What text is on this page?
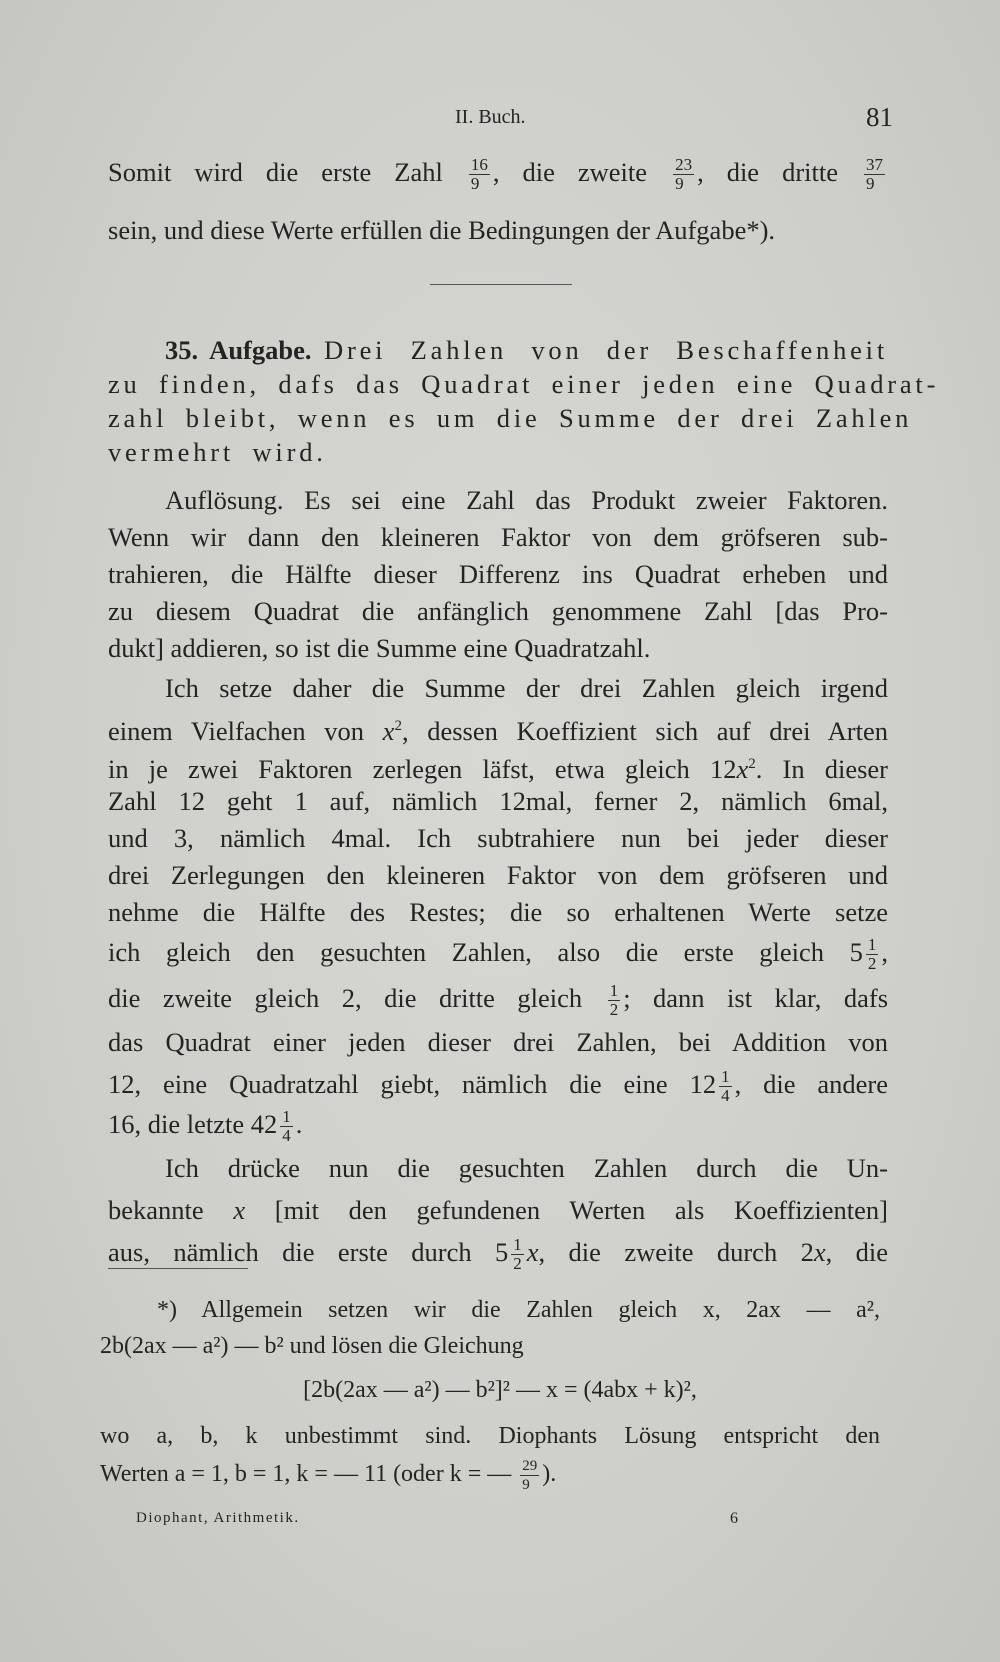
II. Buch.	81
Somit wird die erste Zahl $\frac{16}{9}$ , die zweite $\frac{23}{9}$ , die dritte $\frac{37}{9}$
sein, und diese Werte erfüllen die Bedingungen der Aufgabe*).
35. Aufgabe. Drei Zahlen von der Beschaffenheit
zu finden, dafs das Quadrat einer jeden eine Quadrat-
zahl bleibt, wenn es um die Summe der drei Zahlen
vermehrt wird.
Auflösung. Es sei eine Zahl das Produkt zweier Faktoren.
Wenn wir dann den kleineren Faktor von dem gröfseren sub-
trahieren, die Hälfte dieser Differenz ins Quadrat erheben und
zu diesem Quadrat die anfänglich genommene Zahl [das Pro-
dukt] addieren, so ist die Summe eine Quadratzahl.
Ich setze daher die Summe der drei Zahlen gleich irgend
einem Vielfachen von $x^2$, dessen Koeffizient sich auf drei Arten
in je zwei Faktoren zerlegen läfst, etwa gleich $12x^2$. In dieser
Zahl 12 geht 1 auf, nämlich 12mal, ferner 2, nämlich 6mal,
und 3, nämlich 4mal. Ich subtrahiere nun bei jeder dieser
drei Zerlegungen den kleineren Faktor von dem gröfseren und
nehme die Hälfte des Restes; die so erhaltenen Werte setze
ich gleich den gesuchten Zahlen, also die erste gleich $5 \frac{1}{2}$ ,
die zweite gleich 2, die dritte gleich $\frac{1}{2}$ ; dann ist klar, dafs
das Quadrat einer jeden dieser drei Zahlen, bei Addition von
12, eine Quadratzahl giebt, nämlich die eine $12 \frac{1}{4}$ , die andere
16, die letzte $42 \frac{1}{4}$ .
Ich drücke nun die gesuchten Zahlen durch die Un-
bekannte x [mit den gefundenen Werten als Koeffizienten]
aus, nämlich die erste durch $5 \frac{1}{2} x$, die zweite durch 2x, die
*) Allgemein setzen wir die Zahlen gleich x, 2ax — a²,
2b(2ax — a²) — b² und lösen die Gleichung
[2b(2ax — a²) — b²]² — x = (4abx + k)²,
wo a, b, k unbestimmt sind. Diophants Lösung entspricht den
Werten a = 1, b = 1, k = — 11 (oder k = — $\frac{29}{9}$ ).
Diophant, Arithmetik.	6
